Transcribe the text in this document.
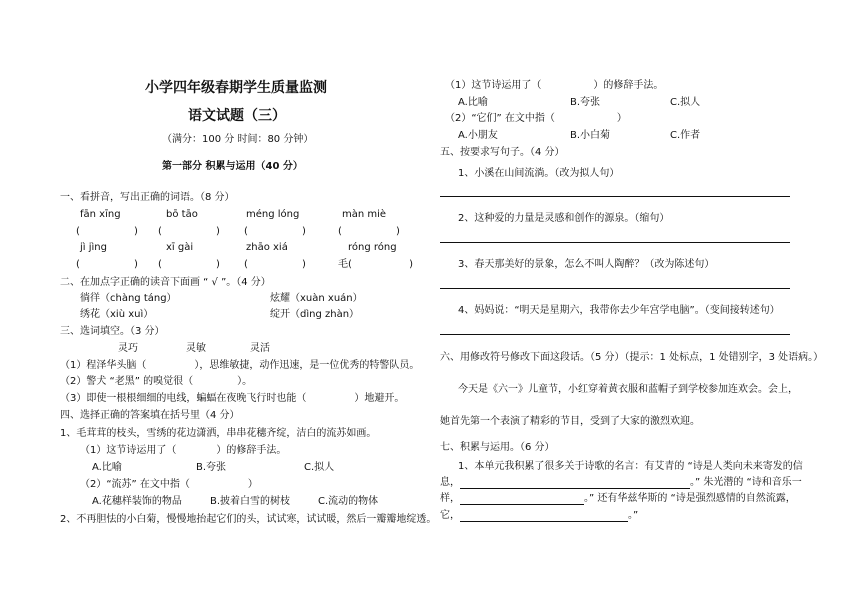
小学四年级春期学生质量监测
语文试题（三）
（满分：100 分 时间：80 分钟）
第一部分 积累与运用（40 分）
一、看拼音，写出正确的词语。（8 分）
fān xīng	bō tāo	méng lóng	màn miè
(                 ) (                 ) (                 )	(                 )
jì jìng	xī gài	zhāo xiá	róng róng
(                 ) (                 ) (                 )	毛(                  )
二、在加点字正确的读音下面画 “ √ ”。（4 分）
徜徉（chàng táng）	炫耀（xuàn xuán）
绣花（xiù xuì）	绽开（dìng zhàn）
三、选词填空。（3 分）
灵巧	灵敏	灵活
（1）程泽华头脑（	），思维敏捷，动作迅速，是一位优秀的特警队员。
（2）警犬 “老黑” 的嗅觉很（	）。
（3）即使一根根细细的电线，蝙蝠在夜晚飞行时也能（	）地避开。
四、选择正确的答案填在括号里（4 分）
1、毛茸茸的枝头，雪绣的花边潇洒，串串花穗齐绽，洁白的流苏如画。
（1）这节诗运用了（	）的修辞手法。
A.比喻	B.夸张	C.拟人
（2）“流苏” 在文中指（	）
A.花穗样装饰的物品	B.披着白雪的树枝	C.流动的物体
2、不再胆怯的小白菊，慢慢地抬起它们的头，试试寒，试试暖，然后一瓣瓣地绽透。
（1）这节诗运用了（	）的修辞手法。
A.比喻	B.夸张	C.拟人
（2）“它们” 在文中指（	）
A.小朋友	B.小白菊	C.作者
五、按要求写句子。（4 分）
1、小溪在山间流淌。（改为拟人句）
2、这种爱的力量是灵感和创作的源泉。（缩句）
3、春天那美好的景象，怎么不叫人陶醉？（改为陈述句）
4、妈妈说：“明天是星期六，我带你去少年宫学电脑”。（变间接转述句）
六、用修改符号修改下面这段话。（5 分）（提示：1 处标点，1 处错别字，3 处语病。）
今天是《六一》儿童节，小红穿着黄衣服和蓝帽子到学校参加连欢会。会上，
她首先第一个表演了精彩的节目，受到了大家的激烈欢迎。
七、积累与运用。（6 分）
1、本单元我积累了很多关于诗歌的名言：有艾青的 “诗是人类向未来寄发的信
息，	。” 朱光潜的 “诗和音乐一
样，	。” 还有华兹华斯的 “诗是强烈感情的自然流露，
它，	。”
